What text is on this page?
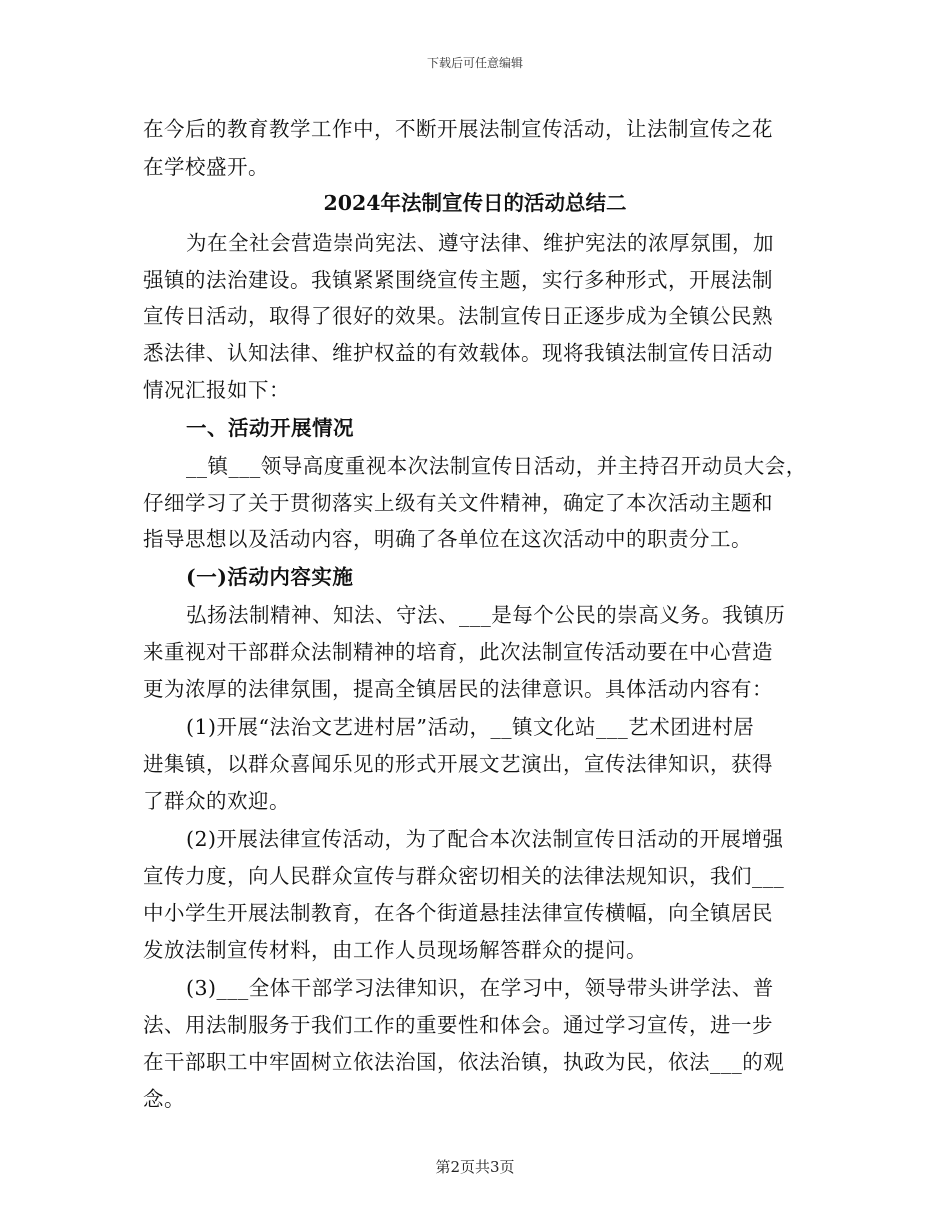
下载后可任意编辑
在今后的教育教学工作中，不断开展法制宣传活动，让法制宣传之花
在学校盛开。
2024年法制宣传日的活动总结二
为在全社会营造崇尚宪法、遵守法律、维护宪法的浓厚氛围，加
强镇的法治建设。我镇紧紧围绕宣传主题，实行多种形式，开展法制
宣传日活动，取得了很好的效果。法制宣传日正逐步成为全镇公民熟
悉法律、认知法律、维护权益的有效载体。现将我镇法制宣传日活动
情况汇报如下：
一、活动开展情况
__镇___领导高度重视本次法制宣传日活动，并主持召开动员大会，
仔细学习了关于贯彻落实上级有关文件精神，确定了本次活动主题和
指导思想以及活动内容，明确了各单位在这次活动中的职责分工。
(一)活动内容实施
弘扬法制精神、知法、守法、___是每个公民的崇高义务。我镇历
来重视对干部群众法制精神的培育，此次法制宣传活动要在中心营造
更为浓厚的法律氛围，提高全镇居民的法律意识。具体活动内容有：
(1)开展“法治文艺进村居”活动，__镇文化站___艺术团进村居
进集镇，以群众喜闻乐见的形式开展文艺演出，宣传法律知识，获得
了群众的欢迎。
(2)开展法律宣传活动，为了配合本次法制宣传日活动的开展增强
宣传力度，向人民群众宣传与群众密切相关的法律法规知识，我们___
中小学生开展法制教育，在各个街道悬挂法律宣传横幅，向全镇居民
发放法制宣传材料，由工作人员现场解答群众的提问。
(3)___全体干部学习法律知识，在学习中，领导带头讲学法、普
法、用法制服务于我们工作的重要性和体会。通过学习宣传，进一步
在干部职工中牢固树立依法治国，依法治镇，执政为民，依法___的观
念。
第2页共3页
